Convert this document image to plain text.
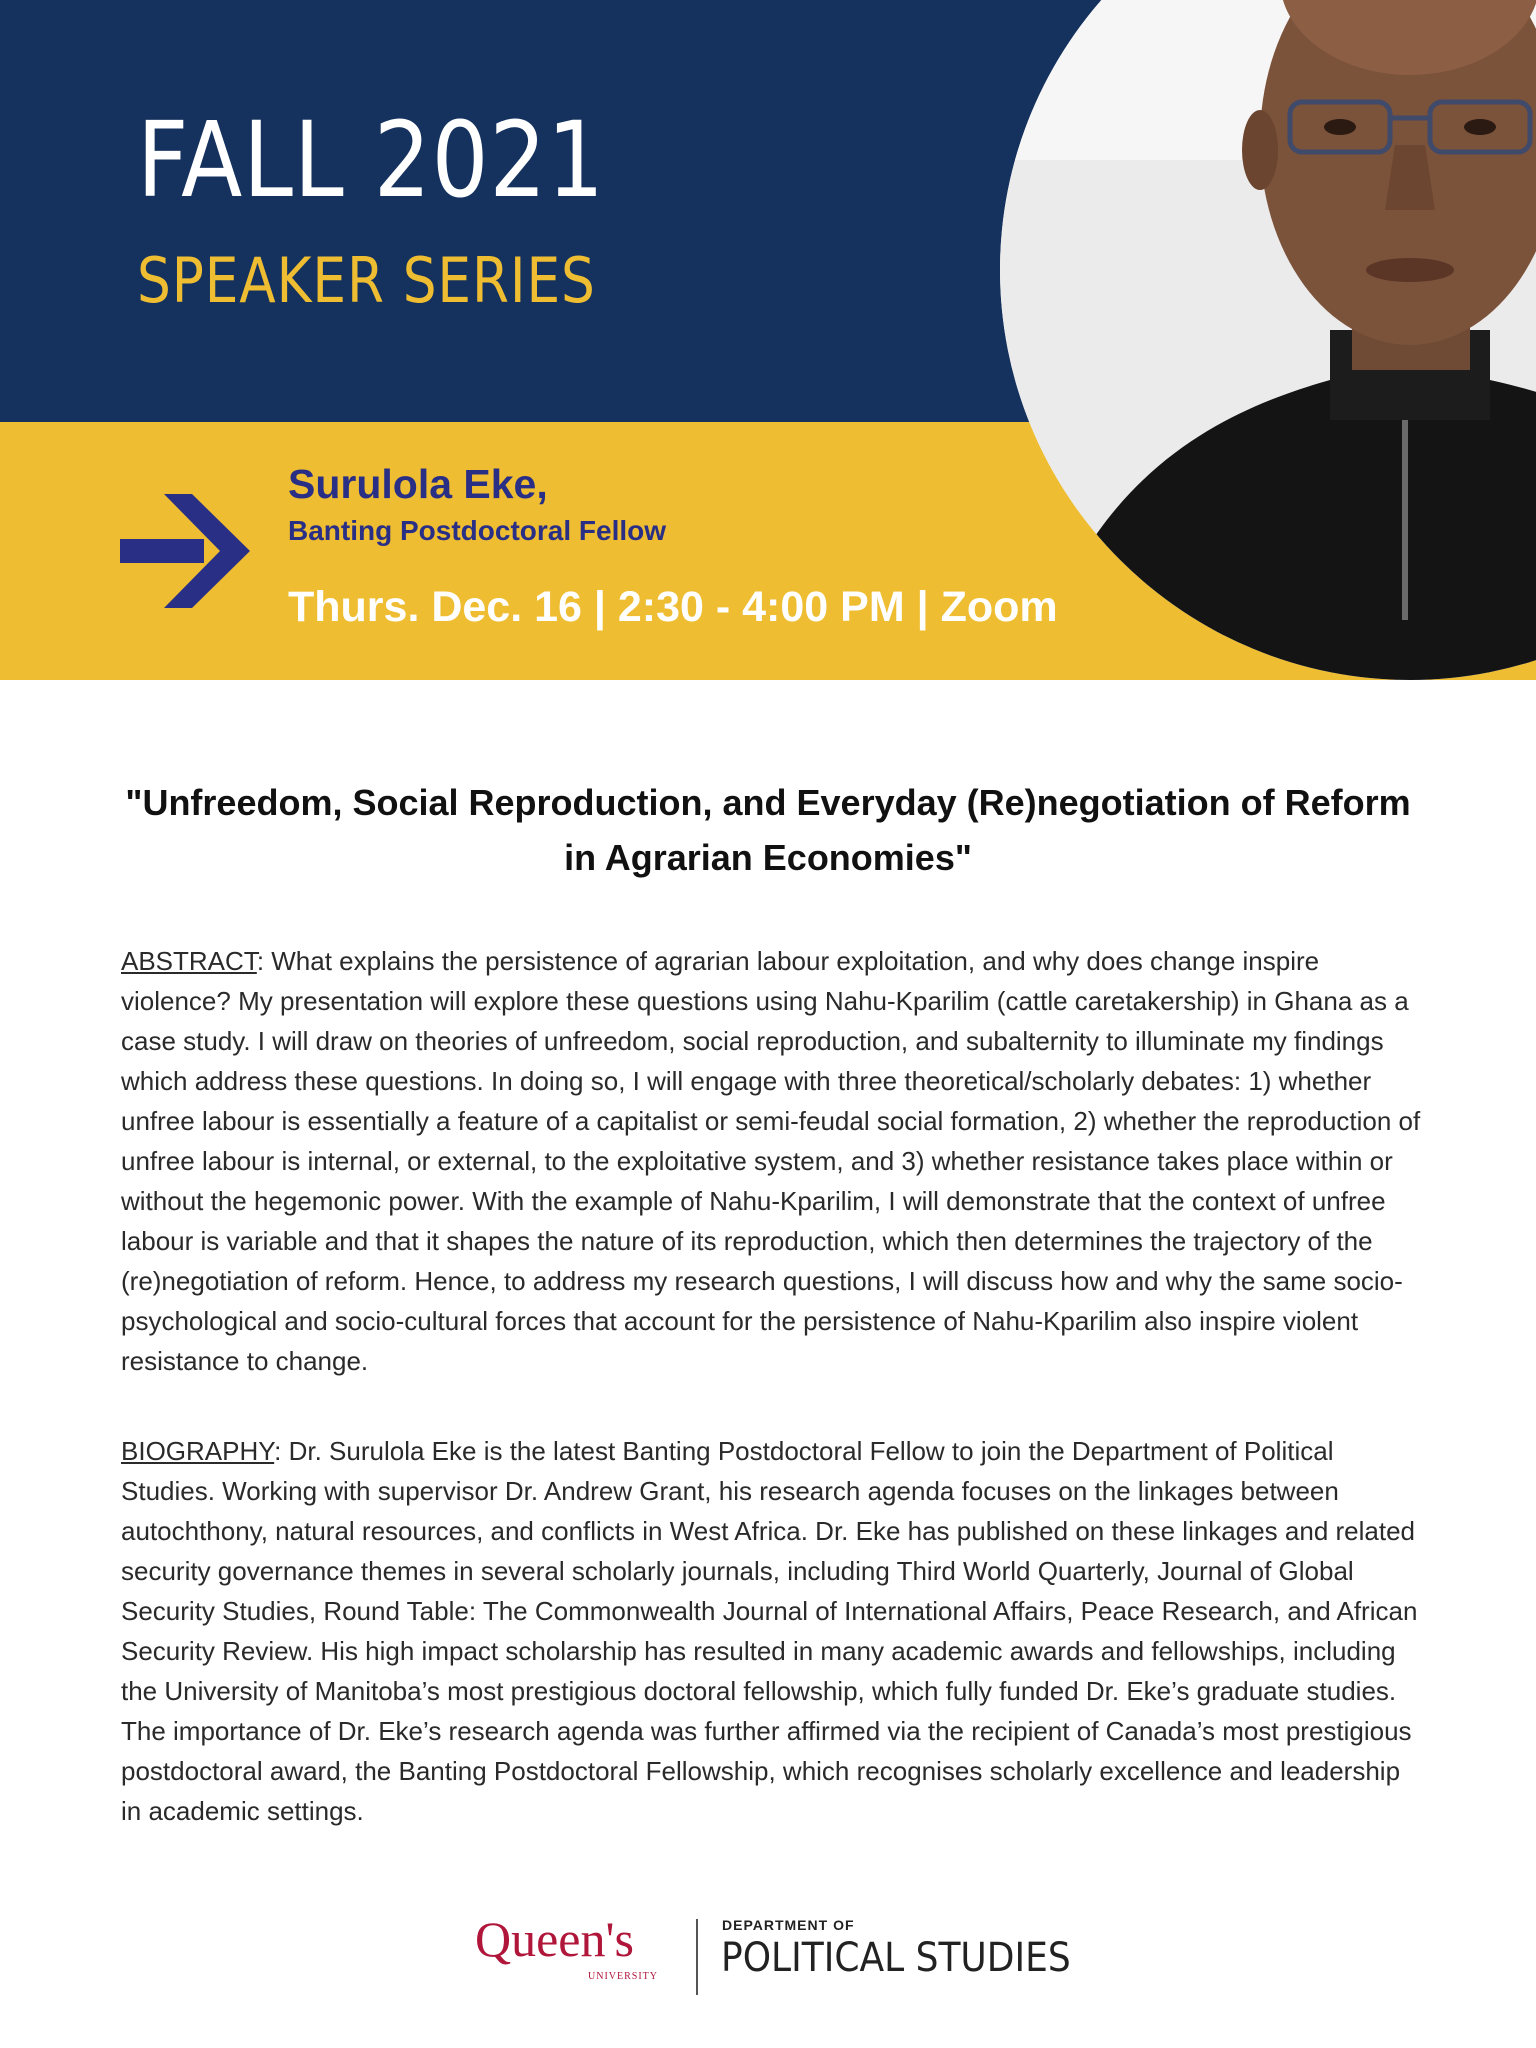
FALL 2021
SPEAKER SERIES

Surulola Eke,

Banting Postdoctoral Fellow

Thurs. Dec. 16 | 2:30 - 4:00 PM | Zoom

"Unfreedom, Social Reproduction, and Everyday (Re)negotiation of Reform in Agrarian Economies"

ABSTRACT: What explains the persistence of agrarian labour exploitation, and why does change inspire violence? My presentation will explore these questions using Nahu-Kparilim (cattle caretakership) in Ghana as a case study. I will draw on theories of unfreedom, social reproduction, and subalternity to illuminate my findings which address these questions. In doing so, I will engage with three theoretical/scholarly debates: 1) whether unfree labour is essentially a feature of a capitalist or semi-feudal social formation, 2) whether the reproduction of unfree labour is internal, or external, to the exploitative system, and 3) whether resistance takes place within or without the hegemonic power. With the example of Nahu-Kparilim, I will demonstrate that the context of unfree labour is variable and that it shapes the nature of its reproduction, which then determines the trajectory of the (re)negotiation of reform. Hence, to address my research questions, I will discuss how and why the same socio-psychological and socio-cultural forces that account for the persistence of Nahu-Kparilim also inspire violent resistance to change.

BIOGRAPHY: Dr. Surulola Eke is the latest Banting Postdoctoral Fellow to join the Department of Political Studies. Working with supervisor Dr. Andrew Grant, his research agenda focuses on the linkages between autochthony, natural resources, and conflicts in West Africa. Dr. Eke has published on these linkages and related security governance themes in several scholarly journals, including Third World Quarterly, Journal of Global Security Studies, Round Table: The Commonwealth Journal of International Affairs, Peace Research, and African Security Review. His high impact scholarship has resulted in many academic awards and fellowships, including the University of Manitoba’s most prestigious doctoral fellowship, which fully funded Dr. Eke’s graduate studies. The importance of Dr. Eke’s research agenda was further affirmed via the recipient of Canada’s most prestigious postdoctoral award, the Banting Postdoctoral Fellowship, which recognises scholarly excellence and leadership in academic settings.

Queen's
UNIVERSITY
DEPARTMENT OF
POLITICAL STUDIES
